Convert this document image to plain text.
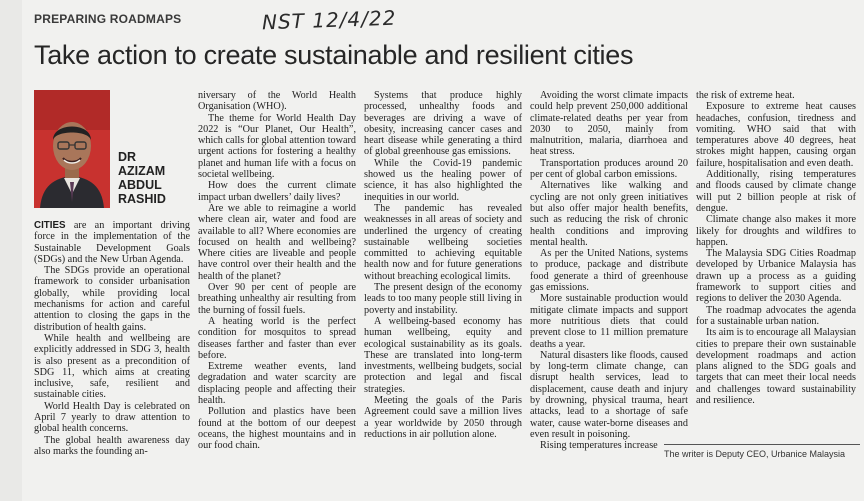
PREPARING ROADMAPS	NST 12/4/22
Take action to create sustainable and resilient cities
DR
AZIZAM
ABDUL
RASHID

CITIES are an important driving force in the implementation of the Sustainable Development Goals (SDGs) and the New Urban Agenda.

The SDGs provide an operational framework to consider urbanisation globally, while providing local mechanisms for action and careful attention to closing the gaps in the distribution of health gains.

While health and wellbeing are explicitly addressed in SDG 3, health is also present as a precondition of SDG 11, which aims at creating inclusive, safe, resilient and sustainable cities.

World Health Day is celebrated on April 7 yearly to draw attention to global health concerns.

The global health awareness day also marks the founding an-

niversary of the World Health Organisation (WHO).

The theme for World Health Day 2022 is “Our Planet, Our Health”, which calls for global attention toward urgent actions for fostering a healthy planet and human life with a focus on societal wellbeing.

How does the current climate impact urban dwellers’ daily lives?

Are we able to reimagine a world where clean air, water and food are available to all? Where economies are focused on health and wellbeing? Where cities are liveable and people have control over their health and the health of the planet?

Over 90 per cent of people are breathing unhealthy air resulting from the burning of fossil fuels.

A heating world is the perfect condition for mosquitos to spread diseases farther and faster than ever before.

Extreme weather events, land degradation and water scarcity are displacing people and affecting their health.

Pollution and plastics have been found at the bottom of our deepest oceans, the highest mountains and in our food chain.

Systems that produce highly processed, unhealthy foods and beverages are driving a wave of obesity, increasing cancer cases and heart disease while generating a third of global greenhouse gas emissions.

While the Covid-19 pandemic showed us the healing power of science, it has also highlighted the inequities in our world.

The pandemic has revealed weaknesses in all areas of society and underlined the urgency of creating sustainable wellbeing societies committed to achieving equitable health now and for future generations without breaching ecological limits.

The present design of the economy leads to too many people still living in poverty and instability.

A wellbeing-based economy has human wellbeing, equity and ecological sustainability as its goals. These are translated into long-term investments, wellbeing budgets, social protection and legal and fiscal strategies.

Meeting the goals of the Paris Agreement could save a million lives a year worldwide by 2050 through reductions in air pollution alone.

Avoiding the worst climate impacts could help prevent 250,000 additional climate-related deaths per year from 2030 to 2050, mainly from malnutrition, malaria, diarrhoea and heat stress.

Transportation produces around 20 per cent of global carbon emissions.

Alternatives like walking and cycling are not only green initiatives but also offer major health benefits, such as reducing the risk of chronic health conditions and improving mental health.

As per the United Nations, systems to produce, package and distribute food generate a third of greenhouse gas emissions.

More sustainable production would mitigate climate impacts and support more nutritious diets that could prevent close to 11 million premature deaths a year.

Natural disasters like floods, caused by long-term climate change, can disrupt health services, lead to displacement, cause death and injury by drowning, physical trauma, heart attacks, lead to a shortage of safe water, cause water-borne diseases and even result in poisoning.

Rising temperatures increase

the risk of extreme heat.

Exposure to extreme heat causes headaches, confusion, tiredness and vomiting. WHO said that with temperatures above 40 degrees, heat strokes might happen, causing organ failure, hospitalisation and even death.

Additionally, rising temperatures and floods caused by climate change will put 2 billion people at risk of dengue.

Climate change also makes it more likely for droughts and wildfires to happen.

The Malaysia SDG Cities Roadmap developed by Urbanice Malaysia has drawn up a process as a guiding framework to support cities and regions to deliver the 2030 Agenda.

The roadmap advocates the agenda for a sustainable urban nation.

Its aim is to encourage all Malaysian cities to prepare their own sustainable development roadmaps and action plans aligned to the SDG goals and targets that can meet their local needs and challenges toward sustainability and resilience.

The writer is Deputy CEO, Urbanice Malaysia
